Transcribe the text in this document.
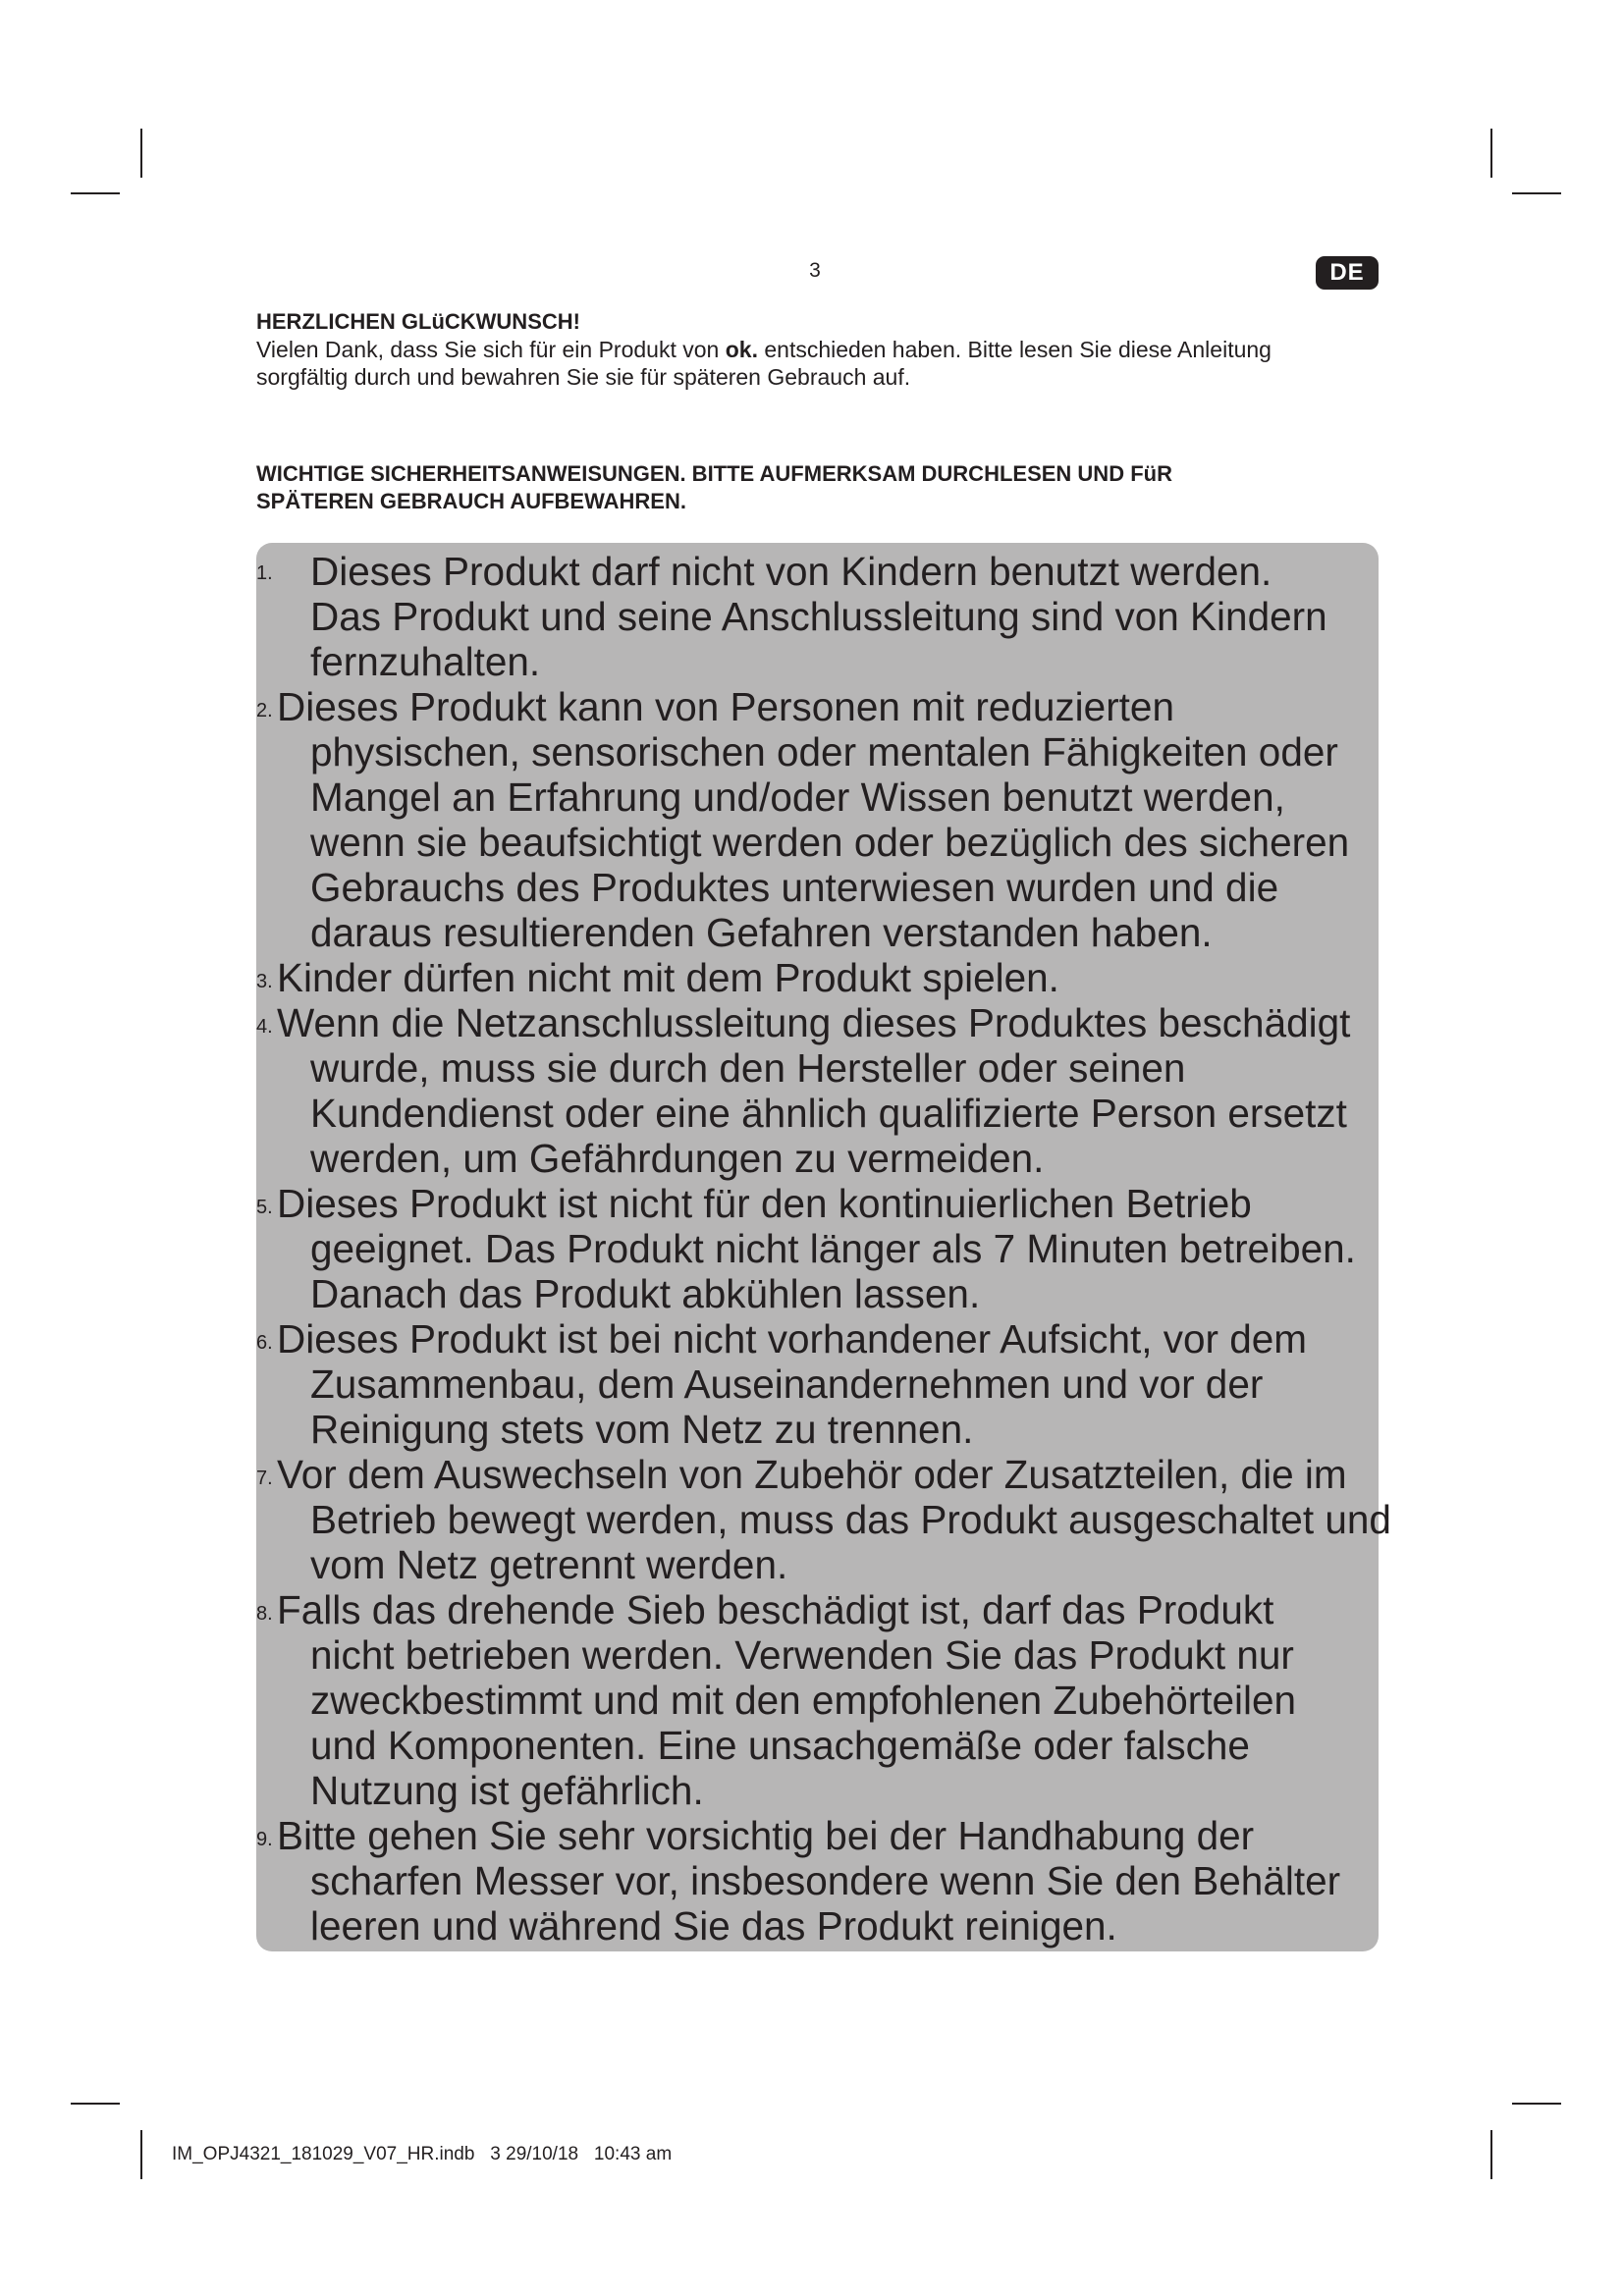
3	DE
HERZLICHEN GLüCKWUNSCH!
Vielen Dank, dass Sie sich für ein Produkt von ok. entschieden haben. Bitte lesen Sie diese Anleitung
sorgfältig durch und bewahren Sie sie für späteren Gebrauch auf.
WICHTIGE SICHERHEITSANWEISUNGEN. BITTE AUFMERKSAM DURCHLESEN UND FüR
SPÄTEREN GEBRAUCH AUFBEWAHREN.
1. Dieses Produkt darf nicht von Kindern benutzt werden.
Das Produkt und seine Anschlussleitung sind von Kindern
fernzuhalten.
2. Dieses Produkt kann von Personen mit reduzierten
physischen, sensorischen oder mentalen Fähigkeiten oder
Mangel an Erfahrung und/oder Wissen benutzt werden,
wenn sie beaufsichtigt werden oder bezüglich des sicheren
Gebrauchs des Produktes unterwiesen wurden und die
daraus resultierenden Gefahren verstanden haben.
3. Kinder dürfen nicht mit dem Produkt spielen.
4. Wenn die Netzanschlussleitung dieses Produktes beschädigt
wurde, muss sie durch den Hersteller oder seinen
Kundendienst oder eine ähnlich qualifizierte Person ersetzt
werden, um Gefährdungen zu vermeiden.
5. Dieses Produkt ist nicht für den kontinuierlichen Betrieb
geeignet. Das Produkt nicht länger als 7 Minuten betreiben.
Danach das Produkt abkühlen lassen.
6. Dieses Produkt ist bei nicht vorhandener Aufsicht, vor dem
Zusammenbau, dem Auseinandernehmen und vor der
Reinigung stets vom Netz zu trennen.
7. Vor dem Auswechseln von Zubehör oder Zusatzteilen, die im
Betrieb bewegt werden, muss das Produkt ausgeschaltet und
vom Netz getrennt werden.
8. Falls das drehende Sieb beschädigt ist, darf das Produkt
nicht betrieben werden. Verwenden Sie das Produkt nur
zweckbestimmt und mit den empfohlenen Zubehörteilen
und Komponenten. Eine unsachgemäße oder falsche
Nutzung ist gefährlich.
9. Bitte gehen Sie sehr vorsichtig bei der Handhabung der
scharfen Messer vor, insbesondere wenn Sie den Behälter
leeren und während Sie das Produkt reinigen.
IM_OPJ4321_181029_V07_HR.indb   3 29/10/18   10:43 am
